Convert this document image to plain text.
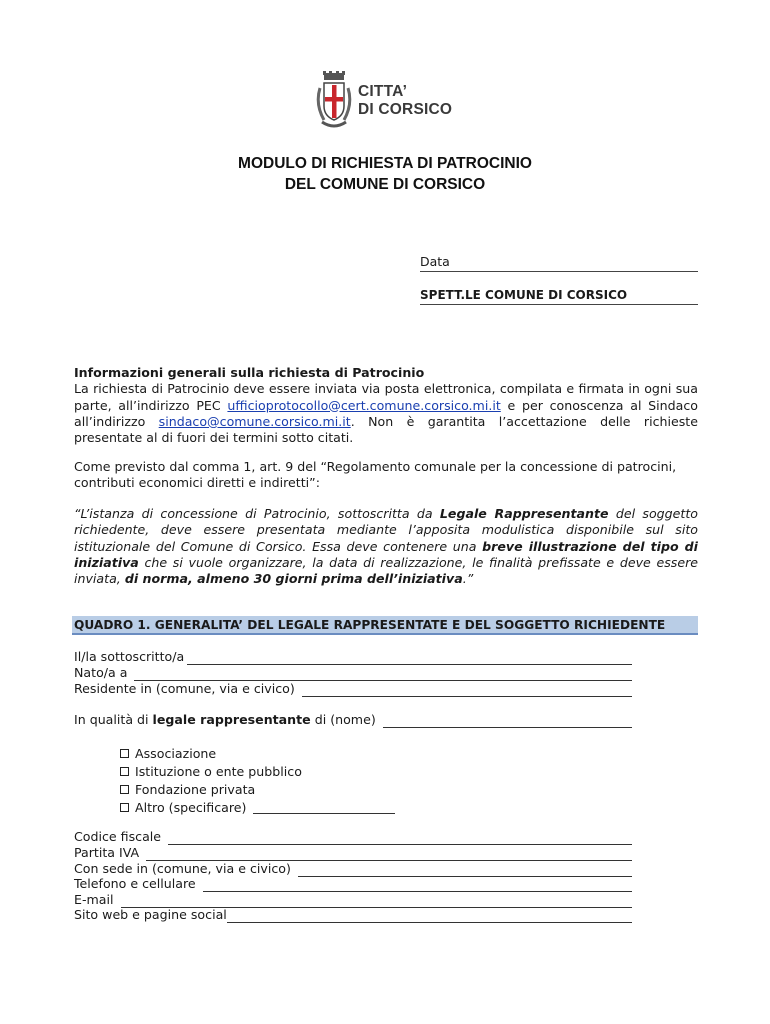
CITTA’
DI CORSICO
MODULO DI RICHIESTA DI PATROCINIO
DEL COMUNE DI CORSICO
Data
SPETT.LE COMUNE DI CORSICO
Informazioni generali sulla richiesta di Patrocinio
La richiesta di Patrocinio deve essere inviata via posta elettronica, compilata e firmata in ogni sua parte, all’indirizzo PEC ufficioprotocollo@cert.comune.corsico.mi.it e per conoscenza al Sindaco all’indirizzo sindaco@comune.corsico.mi.it. Non è garantita l’accettazione delle richieste presentate al di fuori dei termini sotto citati.
Come previsto dal comma 1, art. 9 del “Regolamento comunale per la concessione di patrocini, contributi economici diretti e indiretti”:
“L’istanza di concessione di Patrocinio, sottoscritta da Legale Rappresentante del soggetto richiedente, deve essere presentata mediante l’apposita modulistica disponibile sul sito istituzionale del Comune di Corsico. Essa deve contenere una breve illustrazione del tipo di iniziativa che si vuole organizzare, la data di realizzazione, le finalità prefissate e deve essere inviata, di norma, almeno 30 giorni prima dell’iniziativa.”
QUADRO 1. GENERALITA’ DEL LEGALE RAPPRESENTATE E DEL SOGGETTO RICHIEDENTE
Il/la sottoscritto/a
Nato/a a
Residente in (comune, via e civico)
In qualità di legale rappresentante di (nome)
Associazione
Istituzione o ente pubblico
Fondazione privata
Altro (specificare)
Codice fiscale
Partita IVA
Con sede in (comune, via e civico)
Telefono e cellulare
E-mail
Sito web e pagine social
